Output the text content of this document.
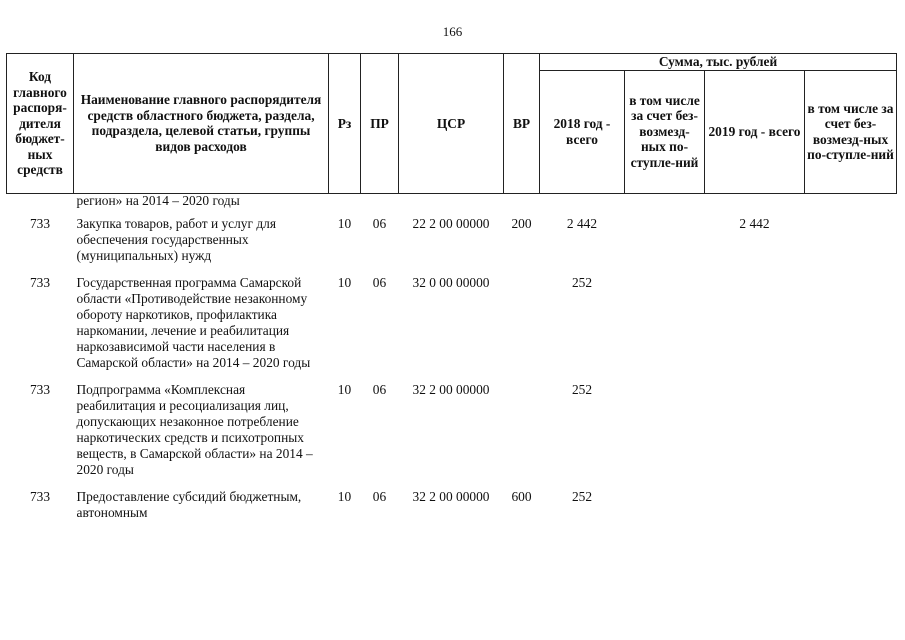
166
Код главного распоря-дителя бюджет-ных средств	Наименование главного распорядителя средств областного бюджета, раздела, подраздела, целевой статьи, группы видов расходов	Рз	ПР	ЦСР	ВР	Сумма, тыс. рублей			
						2018 год - всего	в том числе за счет без-возмезд-ных по-ступле-ний	2019 год - всего	в том числе за счет без-возмезд-ных по-ступле-ний
	регион» на 2014 – 2020 годы								
733	Закупка товаров, работ и услуг для обеспечения государственных (муниципальных) нужд	10	06	22 2 00 00000	200	2 442		2 442	
733	Государственная программа Самарской области «Противодействие незаконному обороту наркотиков, профилактика наркомании, лечение и реабилитация наркозависимой части населения в Самарской области» на 2014 – 2020 годы	10	06	32 0 00 00000		252			
733	Подпрограмма «Комплексная реабилитация и ресоциализация лиц, допускающих незаконное потребление наркотических средств и психотропных веществ, в Самарской области» на 2014 – 2020 годы	10	06	32 2 00 00000		252			
733	Предоставление субсидий бюджетным, автономным	10	06	32 2 00 00000	600	252			
